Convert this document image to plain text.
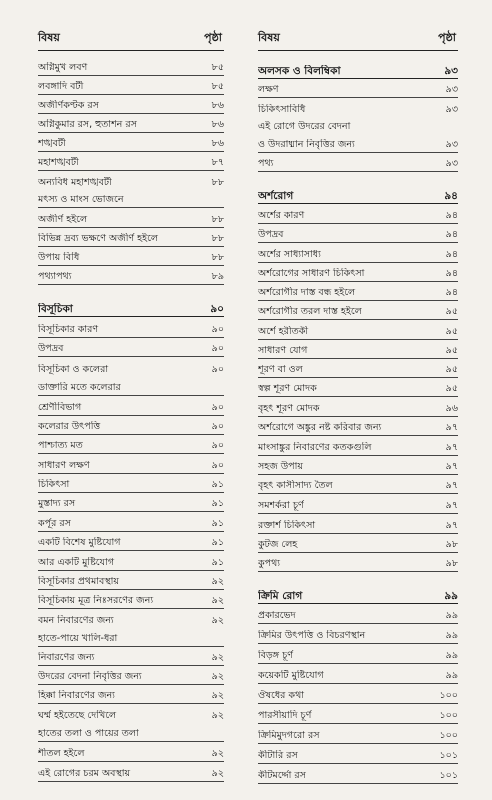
বিষয়	পৃষ্ঠা
অগ্নিমুখ লবণ	৮৫
লবঙ্গাদি বটী	৮৫
অজীর্ণকণ্টক রস	৮৬
অগ্নিকুমার রস, হুতাশন রস	৮৬
শঙ্খবটী	৮৬
মহাশঙ্খবটী	৮৭
অন্যবিধ মহাশঙ্খবটী	৮৮
মৎস্য ও মাংস ভোজনে
অজীর্ণ হইলে	৮৮
বিভিন্ন দ্রব্য ভক্ষণে অজীর্ণ হইলে	৮৮
উপায় বিধি	৮৮
পথ্যাপথ্য	৮৯
বিসূচিকা	৯০
বিসূচিকার কারণ	৯০
উপদ্রব	৯০
বিসূচিকা ও কলেরা	৯০
ডাক্তারি মতে কলেরার
শ্রেণীবিভাগ	৯০
কলেরার উৎপত্তি	৯০
পাশ্চাত্য মত	৯০
সাধারণ লক্ষণ	৯০
চিকিৎসা	৯১
মুস্তাদ্য রস	৯১
কর্পূর রস	৯১
একটি বিশেষ মুষ্টিযোগ	৯১
আর একটি মুষ্টিযোগ	৯১
বিসূচিকার প্রথমাবস্থায়	৯২
বিসূচিকায় মূত্র নিঃসরণের জন্য	৯২
বমন নিবারণের জন্য	৯২
হাতে-পায়ে খালি-ধরা
নিবারণের জন্য	৯২
উদরের বেদনা নিবৃত্তির জন্য	৯২
হিক্কা নিবারণের জন্য	৯২
ঘর্ম্ম হইতেছে দেখিলে	৯২
হাতের তলা ও পায়ের তলা
শীতল হইলে	৯২
এই রোগের চরম অবস্থায়	৯২
বিষয়	পৃষ্ঠা
অলসক ও বিলম্বিকা	৯৩
লক্ষণ	৯৩
চিকিৎসাবিধি	৯৩
এই রোগে উদরের বেদনা
ও উদরাধ্মান নিবৃত্তির জন্য	৯৩
পথ্য	৯৩
অর্শরোগ	৯৪
অর্শের কারণ	৯৪
উপদ্রব	৯৪
অর্শের সাধ্যাসাধ্য	৯৪
অর্শরোগের সাধারণ চিকিৎসা	৯৪
অর্শরোগীর দাস্ত বন্ধ হইলে	৯৪
অর্শরোগীর তরল দাস্ত হইলে	৯৫
অর্শে হরীতকী	৯৫
সাধারণ যোগ	৯৫
শূরণ বা ওল	৯৫
স্বল্প শূরণ মোদক	৯৫
বৃহৎ শূরণ মোদক	৯৬
অর্শরোগে অঙ্কুর নষ্ট করিবার জন্য	৯৭
মাংসাঙ্কুর নিবারণের কতকগুলি	৯৭
সহজ উপায়	৯৭
বৃহৎ কাসীসাদ্য তৈল	৯৭
সমশর্করা চূর্ণ	৯৭
রক্তার্শ চিকিৎসা	৯৭
কুটজ লেহ	৯৮
কুপথ্য	৯৮
ক্রিমি রোগ	৯৯
প্রকারভেদ	৯৯
ক্রিমির উৎপত্তি ও বিচরণস্থান	৯৯
বিড়ঙ্গ চূর্ণ	৯৯
কয়েকটি মুষ্টিযোগ	৯৯
ঔষধের কথা	১০০
পারসীয়াদি চূর্ণ	১০০
ক্রিমিমুদগরো রস	১০০
কীটারি রস	১০১
কীটমর্দ্দো রস	১০১
